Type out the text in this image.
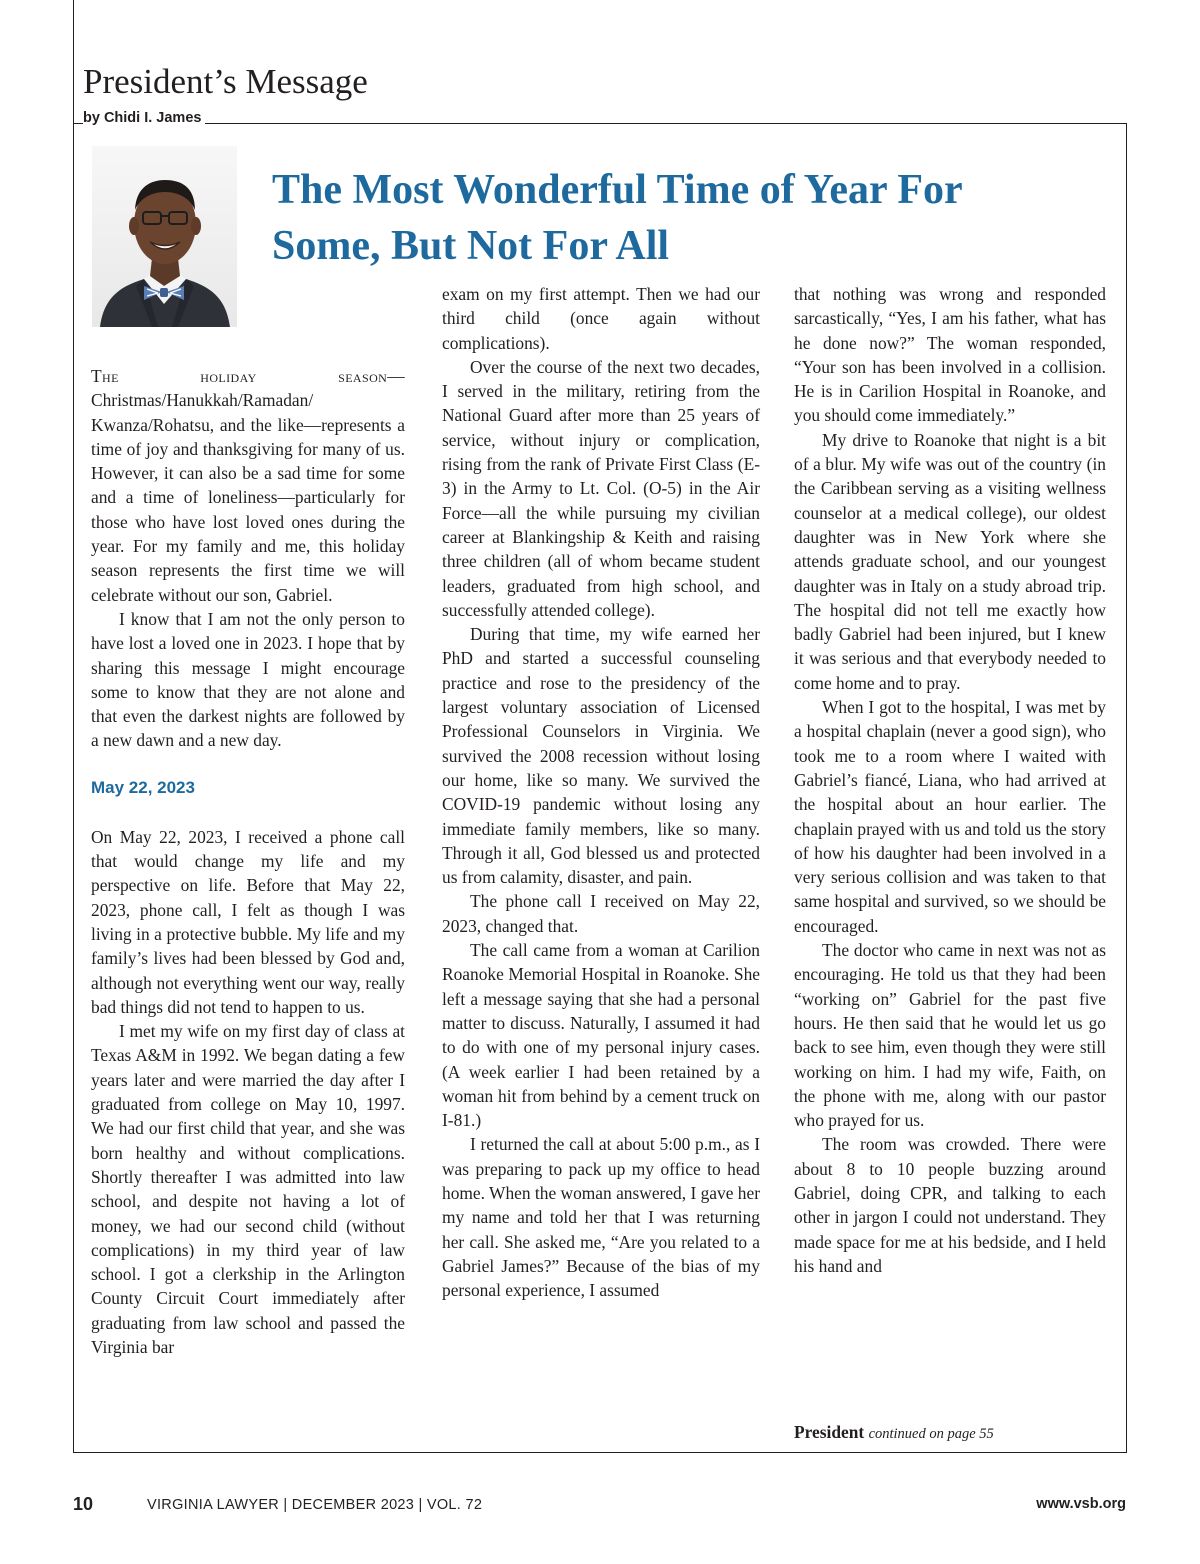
President’s Message
by Chidi I. James
The Most Wonderful Time of Year For
Some, But Not For All

The holiday season— Christmas/Hanukkah/Ramadan/ Kwanza/Rohatsu, and the like—represents a time of joy and thanksgiving for many of us. However, it can also be a sad time for some and a time of loneliness—particularly for those who have lost loved ones during the year. For my family and me, this holiday season represents the first time we will celebrate without our son, Gabriel.

I know that I am not the only person to have lost a loved one in 2023. I hope that by sharing this message I might encourage some to know that they are not alone and that even the darkest nights are followed by a new dawn and a new day.

May 22, 2023

On May 22, 2023, I received a phone call that would change my life and my perspective on life. Before that May 22, 2023, phone call, I felt as though I was living in a protective bubble. My life and my family’s lives had been blessed by God and, although not everything went our way, really bad things did not tend to happen to us.

I met my wife on my first day of class at Texas A&M in 1992. We began dating a few years later and were married the day after I graduated from college on May 10, 1997. We had our first child that year, and she was born healthy and without complications. Shortly thereafter I was admitted into law school, and despite not having a lot of money, we had our second child (without complications) in my third year of law school. I got a clerkship in the Arlington County Circuit Court immediately after graduating from law school and passed the Virginia bar

exam on my first attempt. Then we had our third child (once again without complications).

Over the course of the next two decades, I served in the military, retiring from the National Guard after more than 25 years of service, without injury or complication, rising from the rank of Private First Class (E-3) in the Army to Lt. Col. (O-5) in the Air Force—all the while pursuing my civilian career at Blankingship & Keith and raising three children (all of whom became student leaders, graduated from high school, and successfully attended college).

During that time, my wife earned her PhD and started a successful counseling practice and rose to the presidency of the largest voluntary association of Licensed Professional Counselors in Virginia. We survived the 2008 recession without losing our home, like so many. We survived the COVID-19 pandemic without losing any immediate family members, like so many. Through it all, God blessed us and protected us from calamity, disaster, and pain.

The phone call I received on May 22, 2023, changed that.

The call came from a woman at Carilion Roanoke Memorial Hospital in Roanoke. She left a message saying that she had a personal matter to discuss. Naturally, I assumed it had to do with one of my personal injury cases. (A week earlier I had been retained by a woman hit from behind by a cement truck on I-81.)

I returned the call at about 5:00 p.m., as I was preparing to pack up my office to head home. When the woman answered, I gave her my name and told her that I was returning her call. She asked me, “Are you related to a Gabriel James?” Because of the bias of my personal experience, I assumed

that nothing was wrong and responded sarcastically, “Yes, I am his father, what has he done now?” The woman responded, “Your son has been involved in a collision. He is in Carilion Hospital in Roanoke, and you should come immediately.”

My drive to Roanoke that night is a bit of a blur. My wife was out of the country (in the Caribbean serving as a visiting wellness counselor at a medical college), our oldest daughter was in New York where she attends graduate school, and our youngest daughter was in Italy on a study abroad trip. The hospital did not tell me exactly how badly Gabriel had been injured, but I knew it was serious and that everybody needed to come home and to pray.

When I got to the hospital, I was met by a hospital chaplain (never a good sign), who took me to a room where I waited with Gabriel’s fiancé, Liana, who had arrived at the hospital about an hour earlier. The chaplain prayed with us and told us the story of how his daughter had been involved in a very serious collision and was taken to that same hospital and survived, so we should be encouraged.

The doctor who came in next was not as encouraging. He told us that they had been “working on” Gabriel for the past five hours. He then said that he would let us go back to see him, even though they were still working on him. I had my wife, Faith, on the phone with me, along with our pastor who prayed for us.

The room was crowded. There were about 8 to 10 people buzzing around Gabriel, doing CPR, and talking to each other in jargon I could not understand. They made space for me at his bedside, and I held his hand and

President continued on page 55
10	VIRGINIA LAWYER | DECEMBER 2023 | VOL. 72	www.vsb.org
